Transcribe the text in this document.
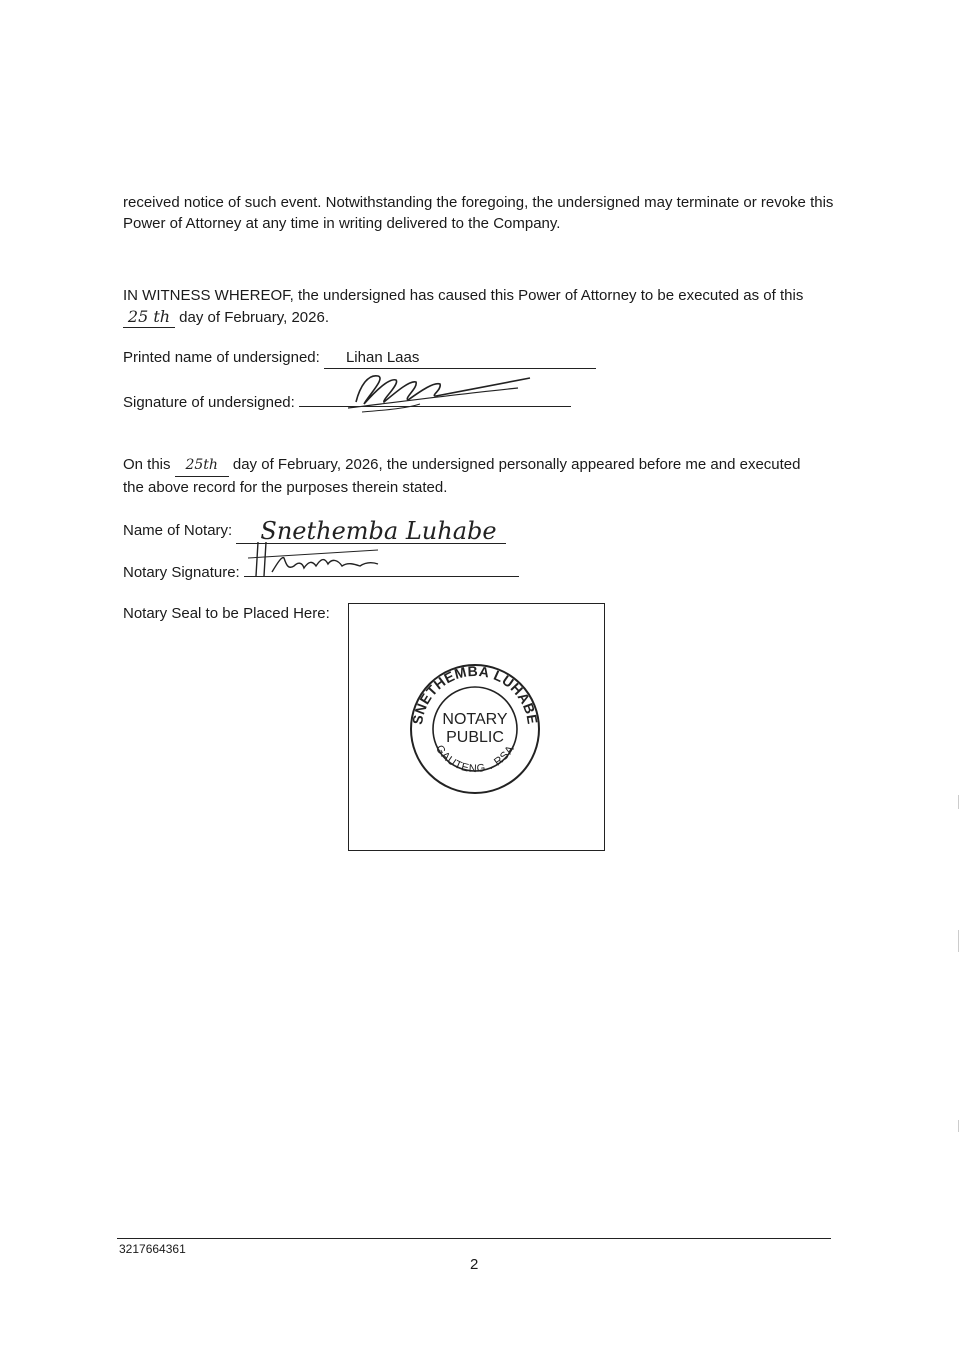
received notice of such event. Notwithstanding the foregoing, the undersigned may terminate or revoke this Power of Attorney at any time in writing delivered to the Company.

IN WITNESS WHEREOF, the undersigned has caused this Power of Attorney to be executed as of this
25 th day of February, 2026.

Printed name of undersigned: Lihan Laas
Signature of undersigned:

On this 25th day of February, 2026, the undersigned personally appeared before me and executed
the above record for the purposes therein stated.

Name of Notary: Snethemba Luhabe
Notary Signature:
Notary Seal to be Placed Here:
SNETHEMBA LUHABE
NOTARY
PUBLIC
GAUTENG . RSA
3217664361
2
